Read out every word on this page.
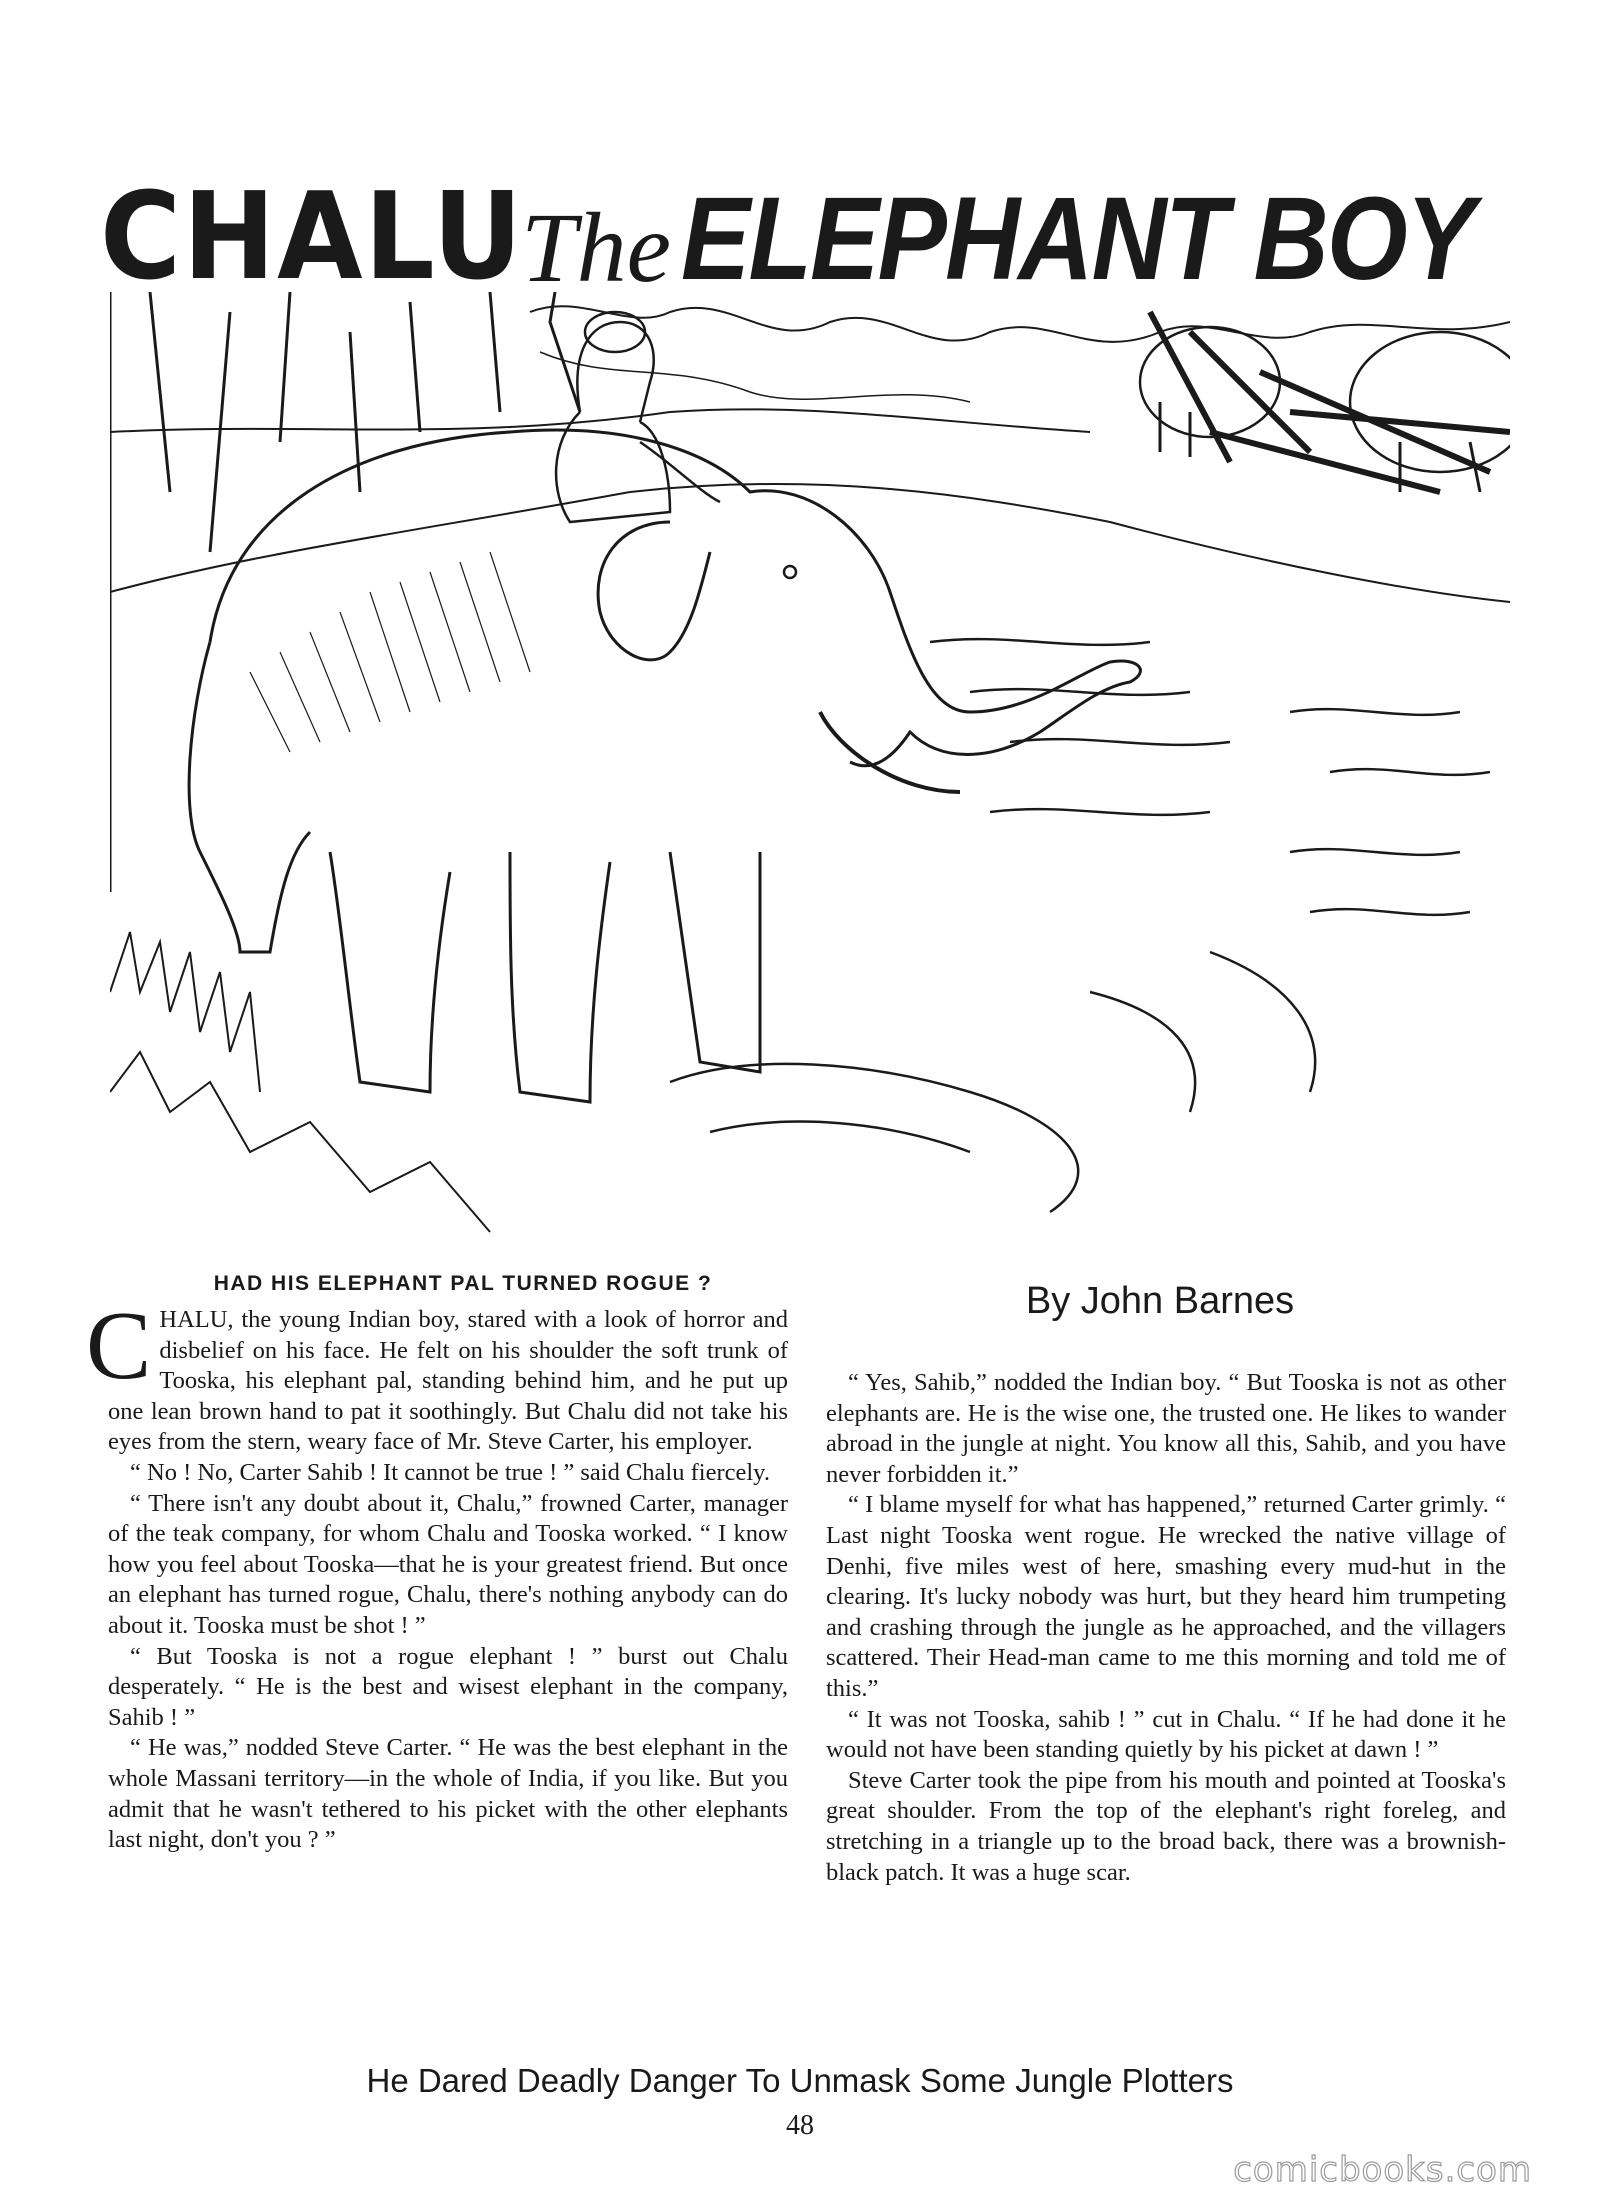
CHALU
The ELEPHANT BOY
HAD HIS ELEPHANT PAL TURNED ROGUE ?	By John Barnes

CHALU, the young Indian boy, stared with a look of horror and disbelief on his face. He felt on his shoulder the soft trunk of Tooska, his elephant pal, standing behind him, and he put up one lean brown hand to pat it soothingly. But Chalu did not take his eyes from the stern, weary face of Mr. Steve Carter, his employer.

“ No ! No, Carter Sahib ! It cannot be true ! ” said Chalu fiercely.

“ There isn't any doubt about it, Chalu,” frowned Carter, manager of the teak company, for whom Chalu and Tooska worked. “ I know how you feel about Tooska—that he is your greatest friend. But once an elephant has turned rogue, Chalu, there's nothing anybody can do about it. Tooska must be shot ! ”

“ But Tooska is not a rogue elephant ! ” burst out Chalu desperately. “ He is the best and wisest elephant in the company, Sahib ! ”

“ He was,” nodded Steve Carter. “ He was the best elephant in the whole Massani territory—in the whole of India, if you like. But you admit that he wasn't tethered to his picket with the other elephants last night, don't you ? ”

“ Yes, Sahib,” nodded the Indian boy. “ But Tooska is not as other elephants are. He is the wise one, the trusted one. He likes to wander abroad in the jungle at night. You know all this, Sahib, and you have never forbidden it.”

“ I blame myself for what has happened,” returned Carter grimly. “ Last night Tooska went rogue. He wrecked the native village of Denhi, five miles west of here, smashing every mud-hut in the clearing. It's lucky nobody was hurt, but they heard him trumpeting and crashing through the jungle as he approached, and the villagers scattered. Their Head-man came to me this morning and told me of this.”

“ It was not Tooska, sahib ! ” cut in Chalu. “ If he had done it he would not have been standing quietly by his picket at dawn ! ”

Steve Carter took the pipe from his mouth and pointed at Tooska's great shoulder. From the top of the elephant's right foreleg, and stretching in a triangle up to the broad back, there was a brownish-black patch. It was a huge scar.

He Dared Deadly Danger To Unmask Some Jungle Plotters
48
comicbooks.com
